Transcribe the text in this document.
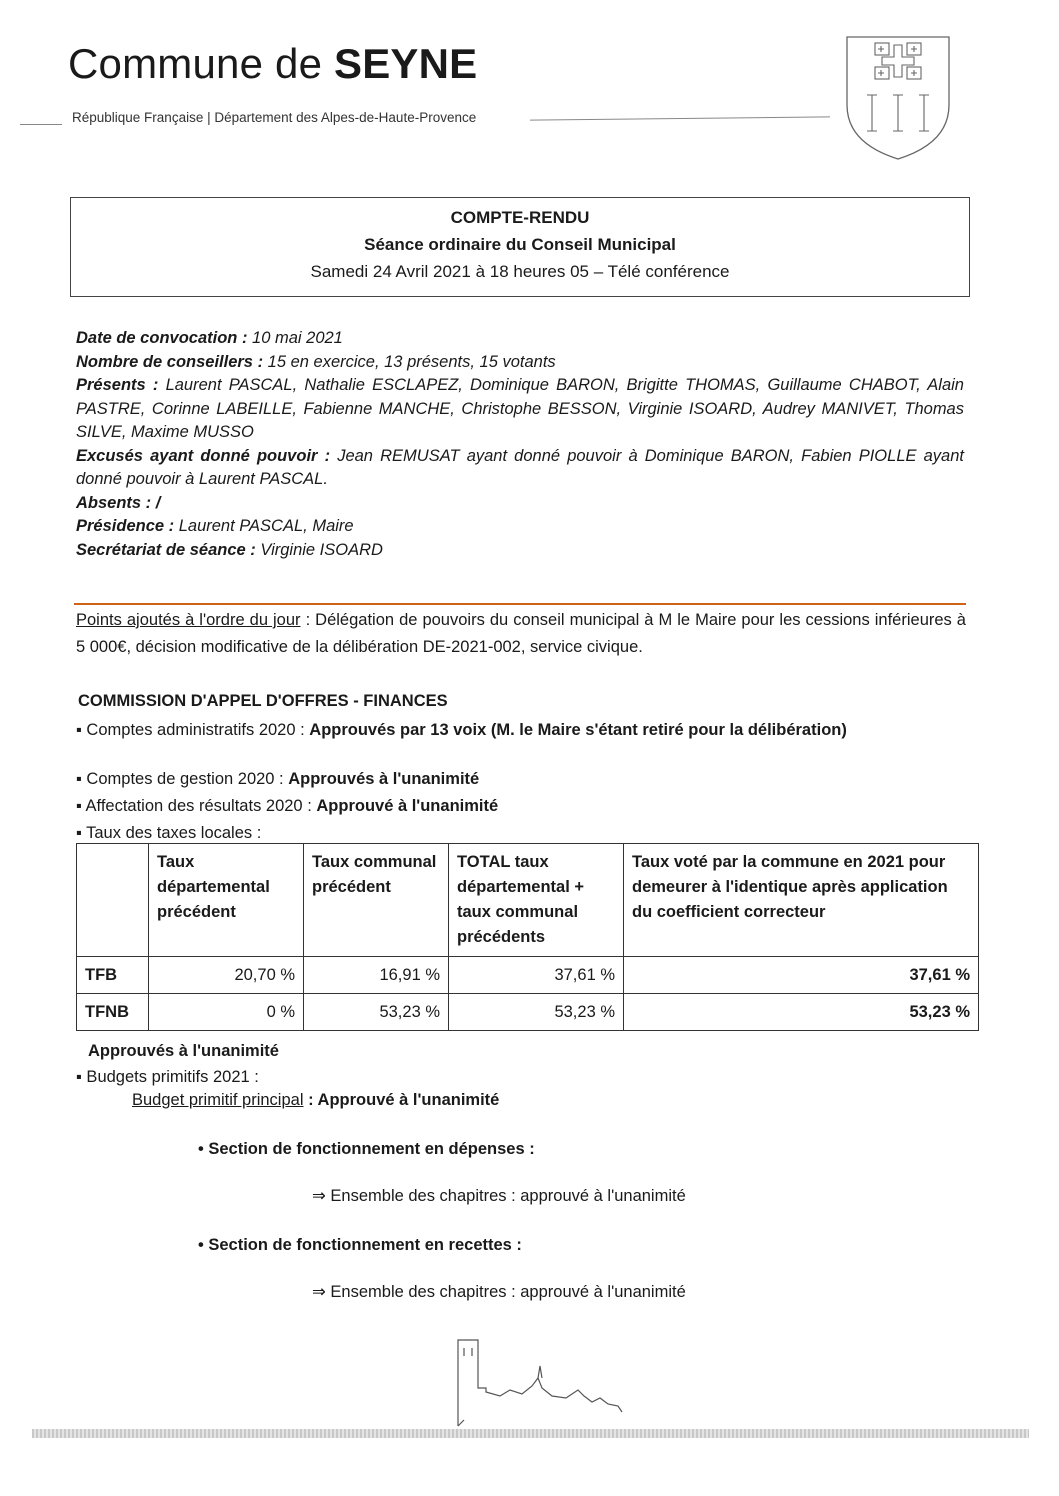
Commune de SEYNE
République Française | Département des Alpes-de-Haute-Provence
COMPTE-RENDU
Séance ordinaire du Conseil Municipal
Samedi 24 Avril 2021 à 18 heures 05 – Télé conférence
Date de convocation : 10 mai 2021
Nombre de conseillers : 15 en exercice, 13 présents, 15 votants
Présents : Laurent PASCAL, Nathalie ESCLAPEZ, Dominique BARON, Brigitte THOMAS, Guillaume CHABOT, Alain PASTRE, Corinne LABEILLE, Fabienne MANCHE, Christophe BESSON, Virginie ISOARD, Audrey MANIVET, Thomas SILVE, Maxime MUSSO
Excusés ayant donné pouvoir : Jean REMUSAT ayant donné pouvoir à Dominique BARON, Fabien PIOLLE ayant donné pouvoir à Laurent PASCAL.
Absents : /
Présidence : Laurent PASCAL, Maire
Secrétariat de séance : Virginie ISOARD
Points ajoutés à l'ordre du jour : Délégation de pouvoirs du conseil municipal à M le Maire pour les cessions inférieures à 5 000€, décision modificative de la délibération DE-2021-002, service civique.
COMMISSION D'APPEL D'OFFRES - FINANCES
▪ Comptes administratifs 2020 : Approuvés par 13 voix (M. le Maire s'étant retiré pour la délibération)
▪ Comptes de gestion 2020 : Approuvés à l'unanimité
▪ Affectation des résultats 2020 : Approuvé à l'unanimité
▪ Taux des taxes locales :
	Taux départemental précédent	Taux communal précédent	TOTAL taux départemental + taux communal précédents	Taux voté par la commune en 2021 pour demeurer à l'identique après application du coefficient correcteur
TFB	20,70 %	16,91 %	37,61 %	37,61 %
TFNB	0 %	53,23 %	53,23 %	53,23 %
Approuvés à l'unanimité
▪ Budgets primitifs 2021 :
Budget primitif principal : Approuvé à l'unanimité
• Section de fonctionnement en dépenses :
⇒ Ensemble des chapitres : approuvé à l'unanimité
• Section de fonctionnement en recettes :
⇒ Ensemble des chapitres : approuvé à l'unanimité
